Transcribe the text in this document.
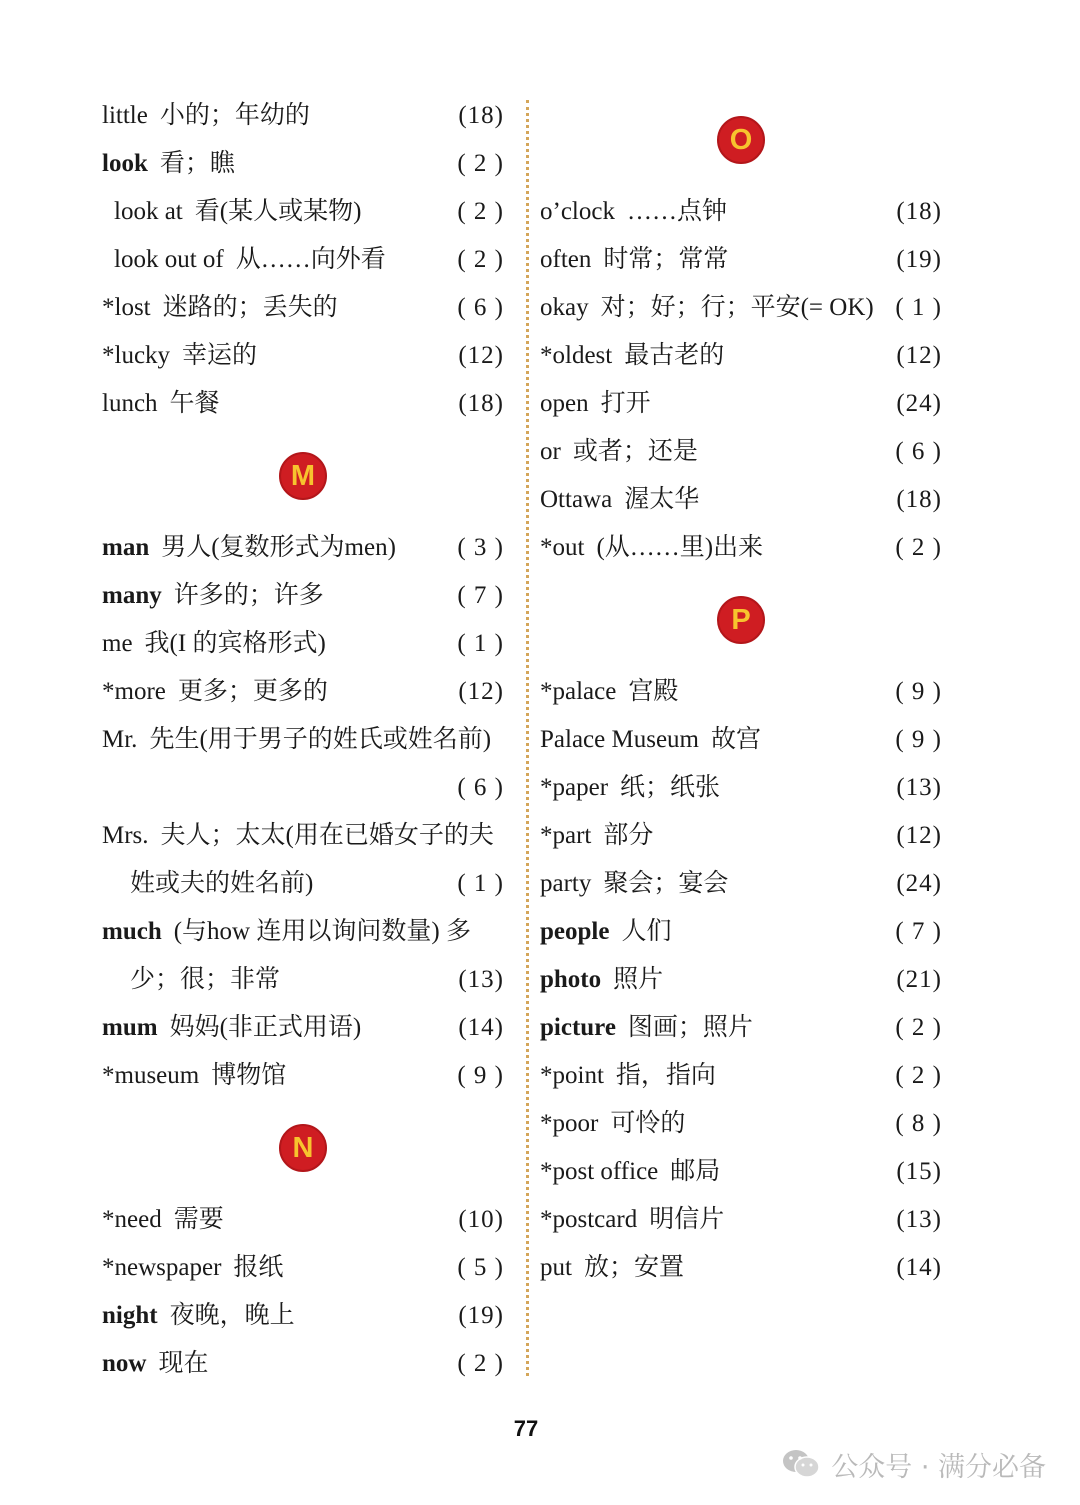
little 小的；年幼的	(18)
look 看；瞧	( 2 )
look at 看(某人或某物)	( 2 )
look out of 从……向外看	( 2 )
*lost 迷路的；丢失的	( 6 )
*lucky 幸运的	(12)
lunch 午餐	(18)
M
man 男人(复数形式为men) ( 3 )
many 许多的；许多	( 7 )
me 我(I 的宾格形式)	( 1 )
*more 更多；更多的	(12)
Mr. 先生(用于男子的姓氏或姓名前)
( 6 )
Mrs. 夫人；太太(用在已婚女子的夫
姓或夫的姓名前)	( 1 )
much (与how 连用以询问数量) 多
少；很；非常	(13)
mum 妈妈(非正式用语)	(14)
*museum 博物馆	( 9 )
N
*need 需要	(10)
*newspaper 报纸	( 5 )
night 夜晚，晚上	(19)
now 现在	( 2 )
O
o’clock ……点钟	(18)
often 时常；常常	(19)
okay 对；好；行；平安(= OK) ( 1 )
*oldest 最古老的	(12)
open 打开	(24)
or 或者；还是	( 6 )
Ottawa 渥太华	(18)
*out (从……里)出来	( 2 )
P
*palace 宫殿	( 9 )
Palace Museum 故宫	( 9 )
*paper 纸；纸张	(13)
*part 部分	(12)
party 聚会；宴会	(24)
people 人们	( 7 )
photo 照片	(21)
picture 图画；照片	( 2 )
*point 指，指向	( 2 )
*poor 可怜的	( 8 )
*post office 邮局	(15)
*postcard 明信片	(13)
put 放；安置	(14)
77
公众号 · 满分必备
